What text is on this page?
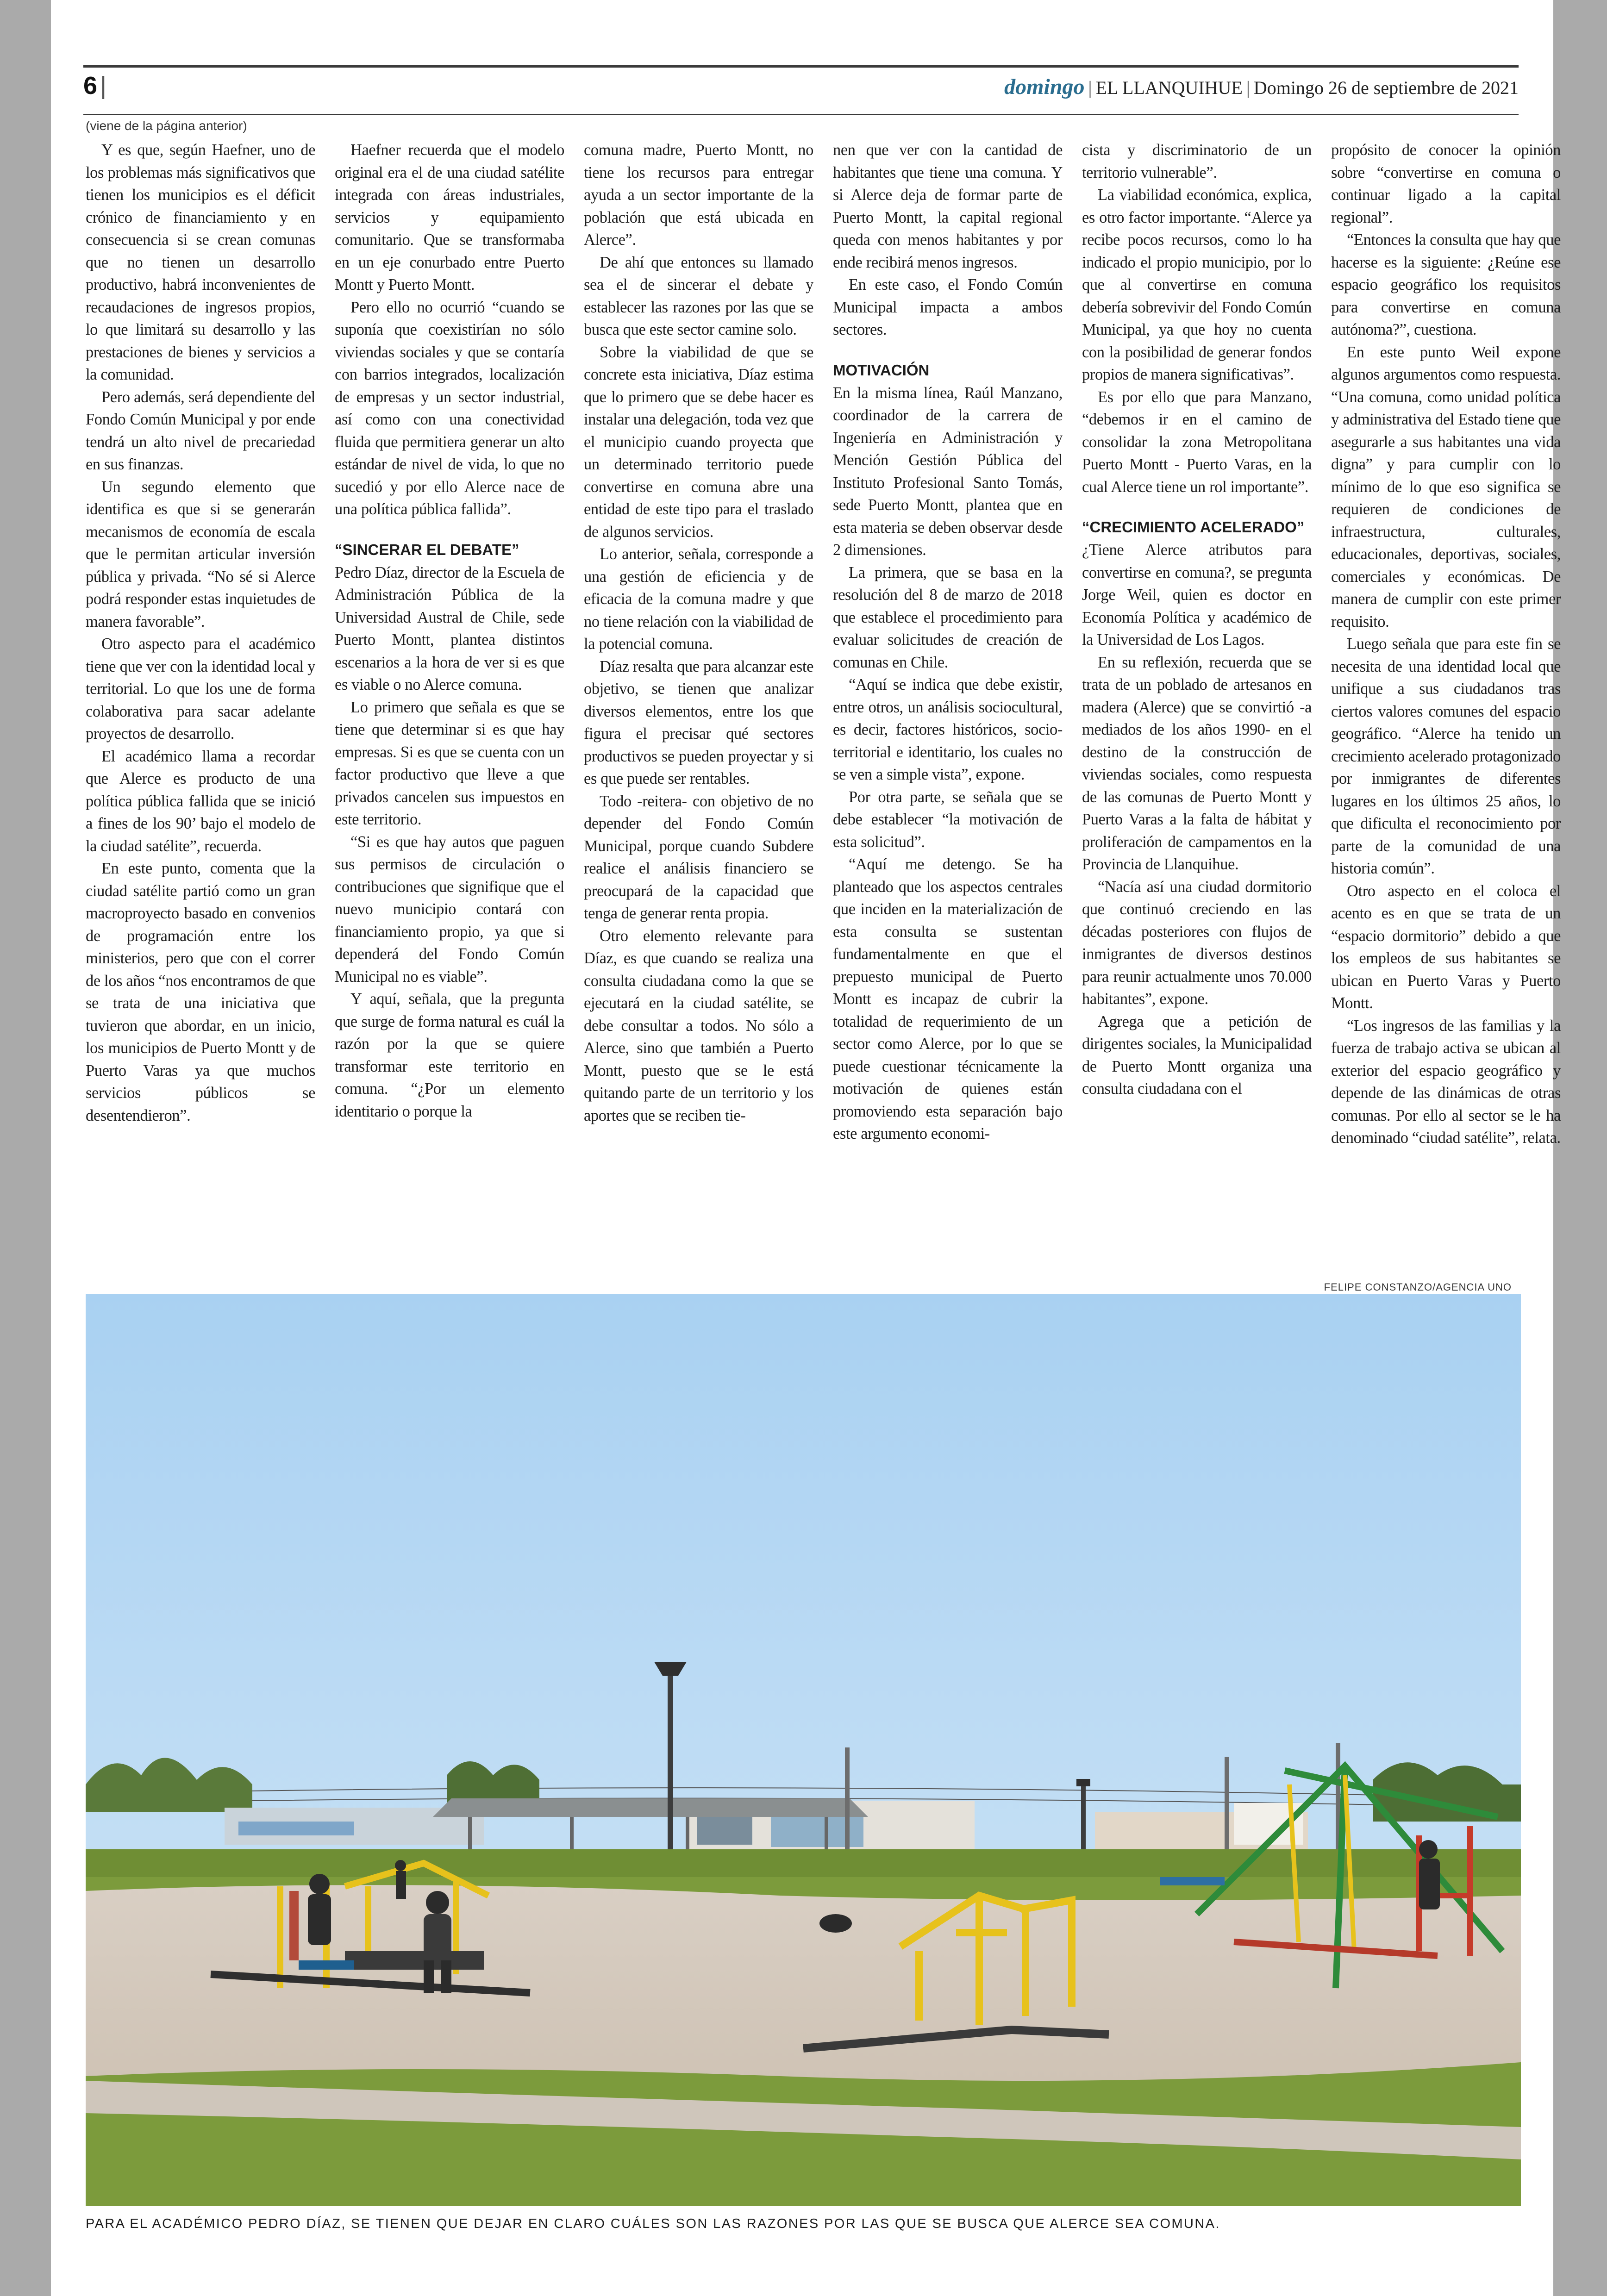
6 |	domingo | EL LLANQUIHUE | Domingo 26 de septiembre de 2021
(viene de la página anterior)

Y es que, según Haefner, uno de los problemas más significativos que tienen los municipios es el déficit crónico de financiamiento y en consecuencia si se crean comunas que no tienen un desarrollo productivo, habrá inconvenientes de recaudaciones de ingresos propios, lo que limitará su desarrollo y las prestaciones de bienes y servicios a la comunidad.

Pero además, será dependiente del Fondo Común Municipal y por ende tendrá un alto nivel de precariedad en sus finanzas.

Un segundo elemento que identifica es que si se generarán mecanismos de economía de escala que le permitan articular inversión pública y privada. “No sé si Alerce podrá responder estas inquietudes de manera favorable”.

Otro aspecto para el académico tiene que ver con la identidad local y territorial. Lo que los une de forma colaborativa para sacar adelante proyectos de desarrollo.

El académico llama a recordar que Alerce es producto de una política pública fallida que se inició a fines de los 90’ bajo el modelo de la ciudad satélite”, recuerda.

En este punto, comenta que la ciudad satélite partió como un gran macroproyecto basado en convenios de programación entre los ministerios, pero que con el correr de los años “nos encontramos de que se trata de una iniciativa que tuvieron que abordar, en un inicio, los municipios de Puerto Montt y de Puerto Varas ya que muchos servicios públicos se desentendieron”.

Haefner recuerda que el modelo original era el de una ciudad satélite integrada con áreas industriales, servicios y equipamiento comunitario. Que se transformaba en un eje conurbado entre Puerto Montt y Puerto Montt.

Pero ello no ocurrió “cuando se suponía que coexistirían no sólo viviendas sociales y que se contaría con barrios integrados, localización de empresas y un sector industrial, así como con una conectividad fluida que permitiera generar un alto estándar de nivel de vida, lo que no sucedió y por ello Alerce nace de una política pública fallida”.

“SINCERAR EL DEBATE”

Pedro Díaz, director de la Escuela de Administración Pública de la Universidad Austral de Chile, sede Puerto Montt, plantea distintos escenarios a la hora de ver si es que es viable o no Alerce comuna.

Lo primero que señala es que se tiene que determinar si es que hay empresas. Si es que se cuenta con un factor productivo que lleve a que privados cancelen sus impuestos en este territorio.

“Si es que hay autos que paguen sus permisos de circulación o contribuciones que signifique que el nuevo municipio contará con financiamiento propio, ya que si dependerá del Fondo Común Municipal no es viable”.

Y aquí, señala, que la pregunta que surge de forma natural es cuál la razón por la que se quiere transformar este territorio en comuna. “¿Por un elemento identitario o porque la

comuna madre, Puerto Montt, no tiene los recursos para entregar ayuda a un sector importante de la población que está ubicada en Alerce”.

De ahí que entonces su llamado sea el de sincerar el debate y establecer las razones por las que se busca que este sector camine solo.

Sobre la viabilidad de que se concrete esta iniciativa, Díaz estima que lo primero que se debe hacer es instalar una delegación, toda vez que el municipio cuando proyecta que un determinado territorio puede convertirse en comuna abre una entidad de este tipo para el traslado de algunos servicios.

Lo anterior, señala, corresponde a una gestión de eficiencia y de eficacia de la comuna madre y que no tiene relación con la viabilidad de la potencial comuna.

Díaz resalta que para alcanzar este objetivo, se tienen que analizar diversos elementos, entre los que figura el precisar qué sectores productivos se pueden proyectar y si es que puede ser rentables.

Todo -reitera- con objetivo de no depender del Fondo Común Municipal, porque cuando Subdere realice el análisis financiero se preocupará de la capacidad que tenga de generar renta propia.

Otro elemento relevante para Díaz, es que cuando se realiza una consulta ciudadana como la que se ejecutará en la ciudad satélite, se debe consultar a todos. No sólo a Alerce, sino que también a Puerto Montt, puesto que se le está quitando parte de un territorio y los aportes que se reciben tie-

nen que ver con la cantidad de habitantes que tiene una comuna. Y si Alerce deja de formar parte de Puerto Montt, la capital regional queda con menos habitantes y por ende recibirá menos ingresos.

En este caso, el Fondo Común Municipal impacta a ambos sectores.

MOTIVACIÓN

En la misma línea, Raúl Manzano, coordinador de la carrera de Ingeniería en Administración y Mención Gestión Pública del Instituto Profesional Santo Tomás, sede Puerto Montt, plantea que en esta materia se deben observar desde 2 dimensiones.

La primera, que se basa en la resolución del 8 de marzo de 2018 que establece el procedimiento para evaluar solicitudes de creación de comunas en Chile.

“Aquí se indica que debe existir, entre otros, un análisis sociocultural, es decir, factores históricos, socio-territorial e identitario, los cuales no se ven a simple vista”, expone.

Por otra parte, se señala que se debe establecer “la motivación de esta solicitud”.

“Aquí me detengo. Se ha planteado que los aspectos centrales que inciden en la materialización de esta consulta se sustentan fundamentalmente en que el prepuesto municipal de Puerto Montt es incapaz de cubrir la totalidad de requerimiento de un sector como Alerce, por lo que se puede cuestionar técnicamente la motivación de quienes están promoviendo esta separación bajo este argumento economi-

cista y discriminatorio de un territorio vulnerable”.

La viabilidad económica, explica, es otro factor importante. “Alerce ya recibe pocos recursos, como lo ha indicado el propio municipio, por lo que al convertirse en comuna debería sobrevivir del Fondo Común Municipal, ya que hoy no cuenta con la posibilidad de generar fondos propios de manera significativas”.

Es por ello que para Manzano, “debemos ir en el camino de consolidar la zona Metropolitana Puerto Montt - Puerto Varas, en la cual Alerce tiene un rol importante”.

“CRECIMIENTO ACELERADO”

¿Tiene Alerce atributos para convertirse en comuna?, se pregunta Jorge Weil, quien es doctor en Economía Política y académico de la Universidad de Los Lagos.

En su reflexión, recuerda que se trata de un poblado de artesanos en madera (Alerce) que se convirtió -a mediados de los años 1990- en el destino de la construcción de viviendas sociales, como respuesta de las comunas de Puerto Montt y Puerto Varas a la falta de hábitat y proliferación de campamentos en la Provincia de Llanquihue.

“Nacía así una ciudad dormitorio que continuó creciendo en las décadas posteriores con flujos de inmigrantes de diversos destinos para reunir actualmente unos 70.000 habitantes”, expone.

Agrega que a petición de dirigentes sociales, la Municipalidad de Puerto Montt organiza una consulta ciudadana con el

propósito de conocer la opinión sobre “convertirse en comuna o continuar ligado a la capital regional”.

“Entonces la consulta que hay que hacerse es la siguiente: ¿Reúne ese espacio geográfico los requisitos para convertirse en comuna autónoma?”, cuestiona.

En este punto Weil expone algunos argumentos como respuesta. “Una comuna, como unidad política y administrativa del Estado tiene que asegurarle a sus habitantes una vida digna” y para cumplir con lo mínimo de lo que eso significa se requieren de condiciones de infraestructura, culturales, educacionales, deportivas, sociales, comerciales y económicas. De manera de cumplir con este primer requisito.

Luego señala que para este fin se necesita de una identidad local que unifique a sus ciudadanos tras ciertos valores comunes del espacio geográfico. “Alerce ha tenido un crecimiento acelerado protagonizado por inmigrantes de diferentes lugares en los últimos 25 años, lo que dificulta el reconocimiento por parte de la comunidad de una historia común”.

Otro aspecto en el coloca el acento es en que se trata de un “espacio dormitorio” debido a que los empleos de sus habitantes se ubican en Puerto Varas y Puerto Montt.

“Los ingresos de las familias y la fuerza de trabajo activa se ubican al exterior del espacio geográfico y depende de las dinámicas de otras comunas. Por ello al sector se le ha denominado “ciudad satélite”, relata.

FELIPE CONSTANZO/AGENCIA UNO
PARA EL ACADÉMICO PEDRO DÍAZ, SE TIENEN QUE DEJAR EN CLARO CUÁLES SON LAS RAZONES POR LAS QUE SE BUSCA QUE ALERCE SEA COMUNA.
